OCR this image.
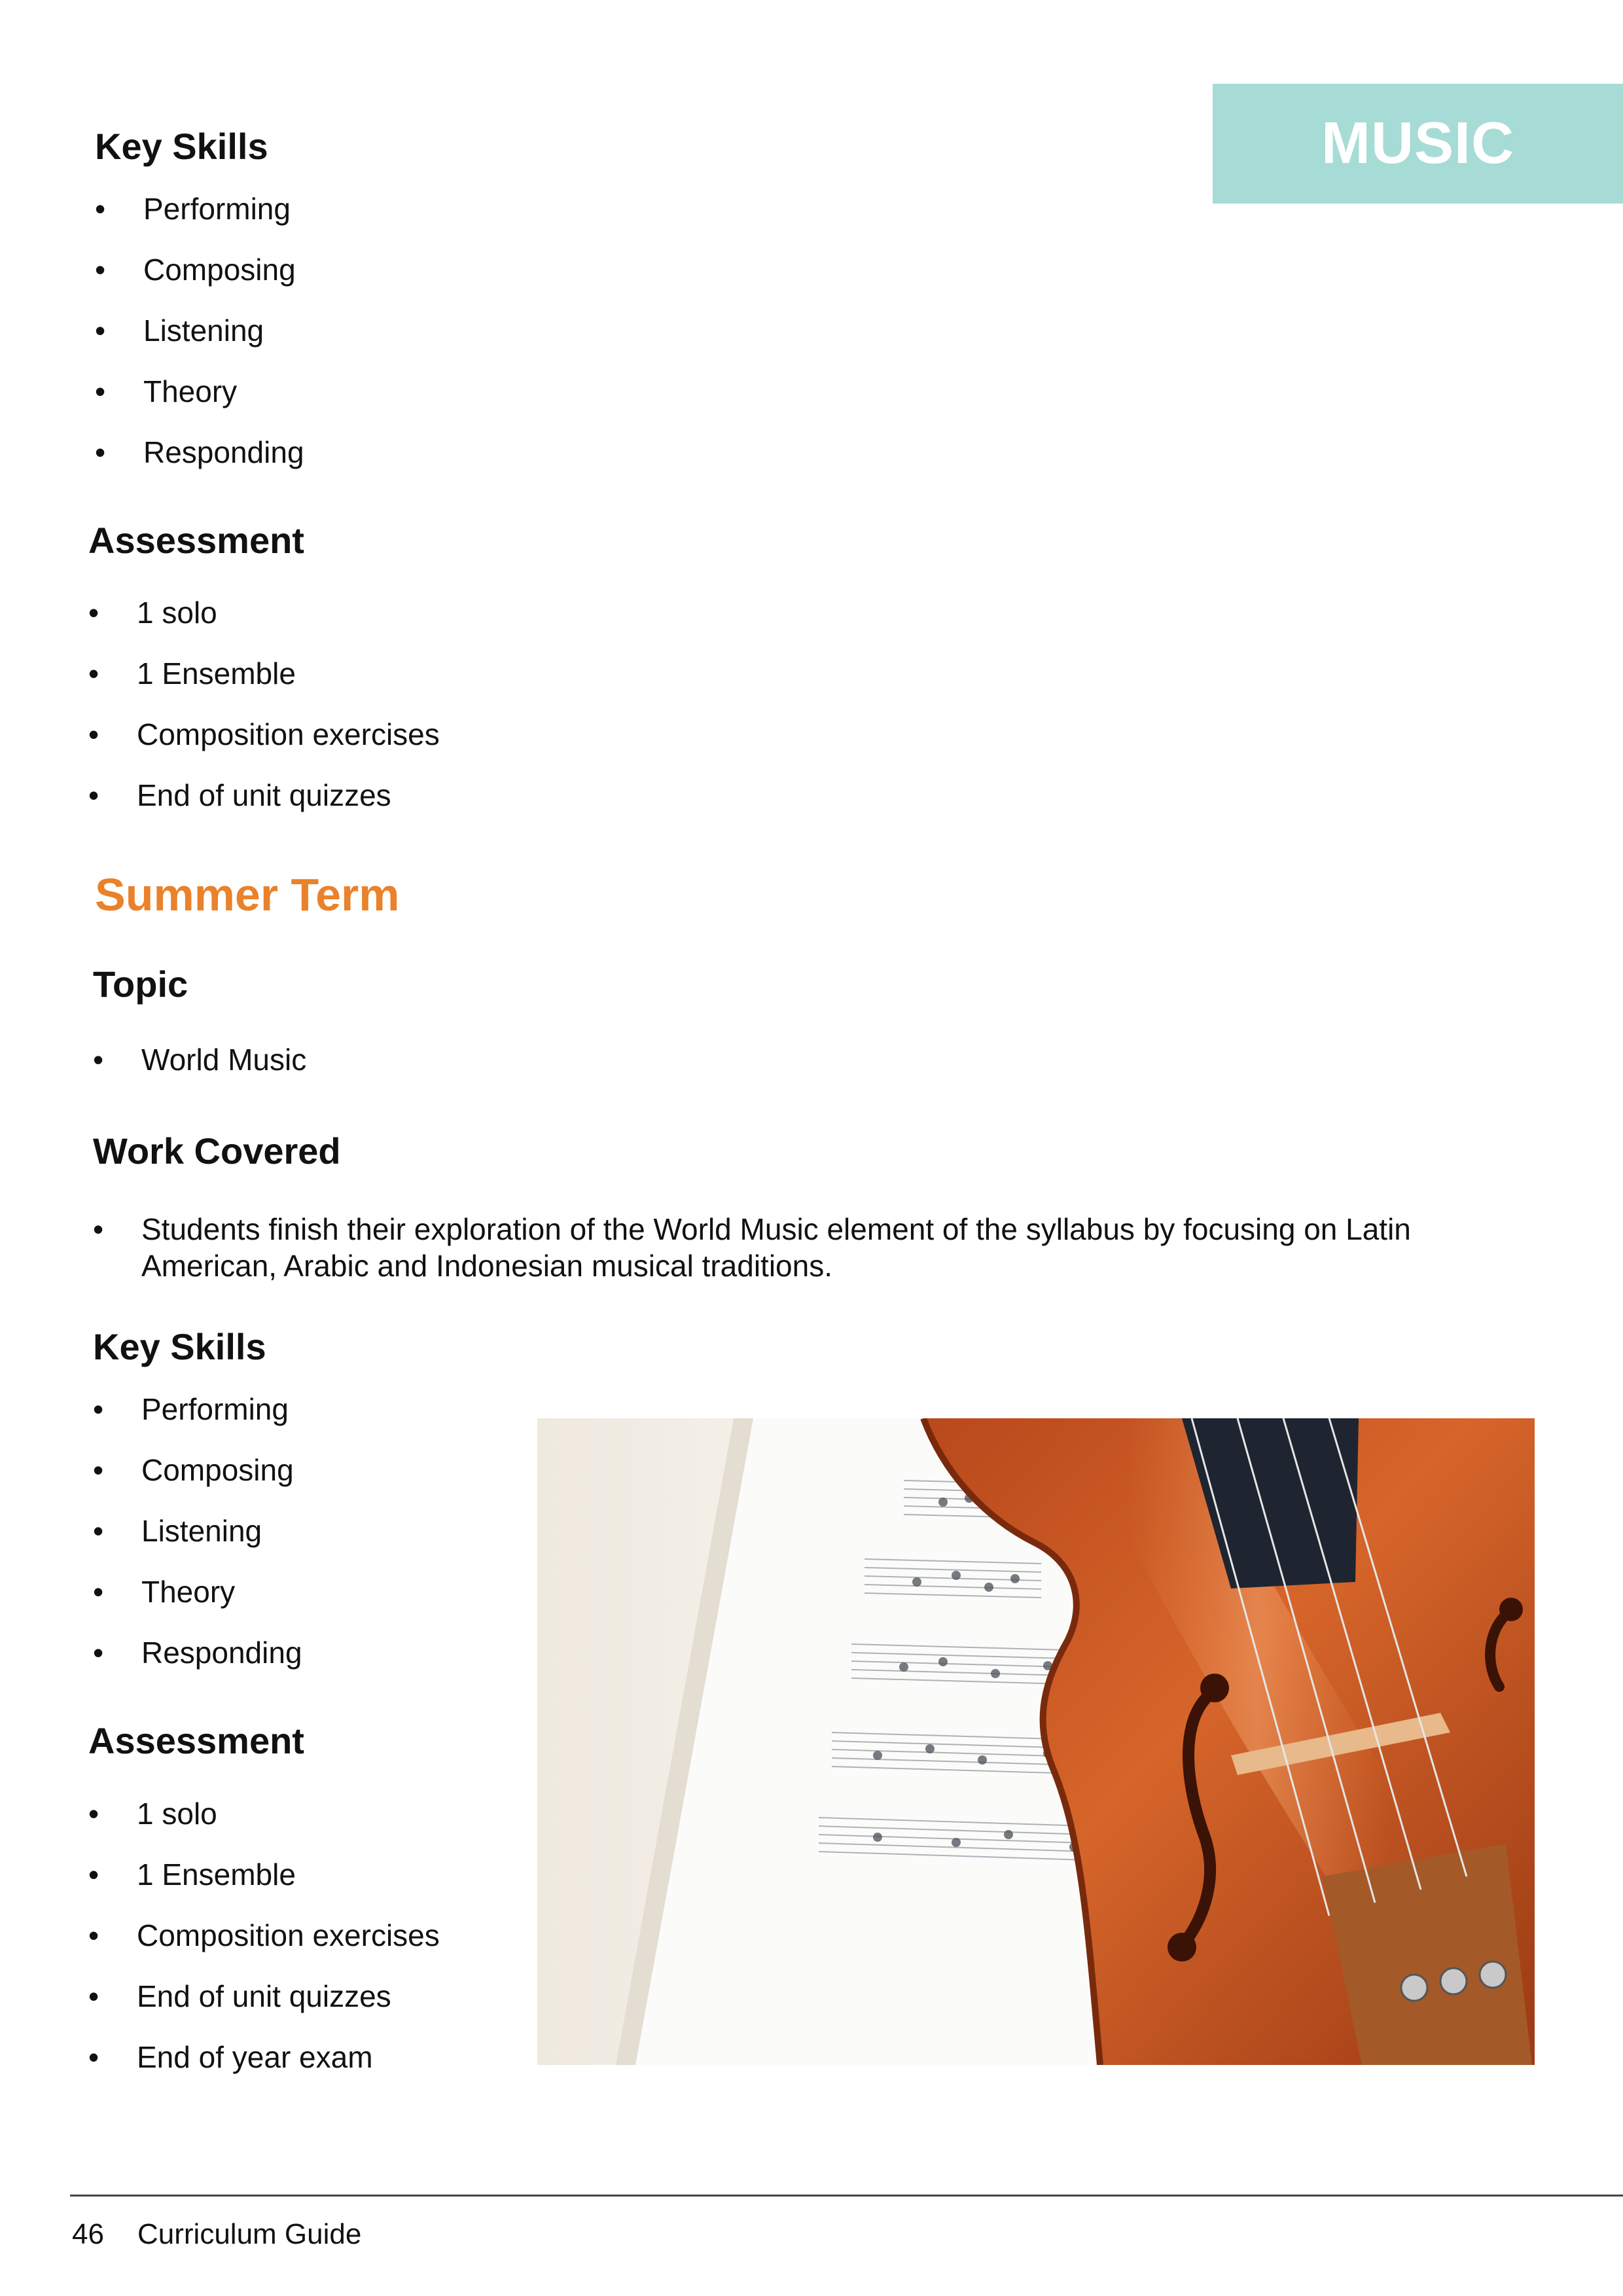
MUSIC
Key Skills
• Performing
• Composing
• Listening
• Theory
• Responding
Assessment
• 1 solo
• 1 Ensemble
• Composition exercises
• End of unit quizzes
Summer Term
Topic
• World Music
Work Covered
• Students finish their exploration of the World Music element of the syllabus by focusing on Latin
American, Arabic and Indonesian musical traditions.
Key Skills
• Performing
• Composing
• Listening
• Theory
• Responding
Assessment
• 1 solo
• 1 Ensemble
• Composition exercises
• End of unit quizzes
• End of year exam
46 Curriculum Guide
